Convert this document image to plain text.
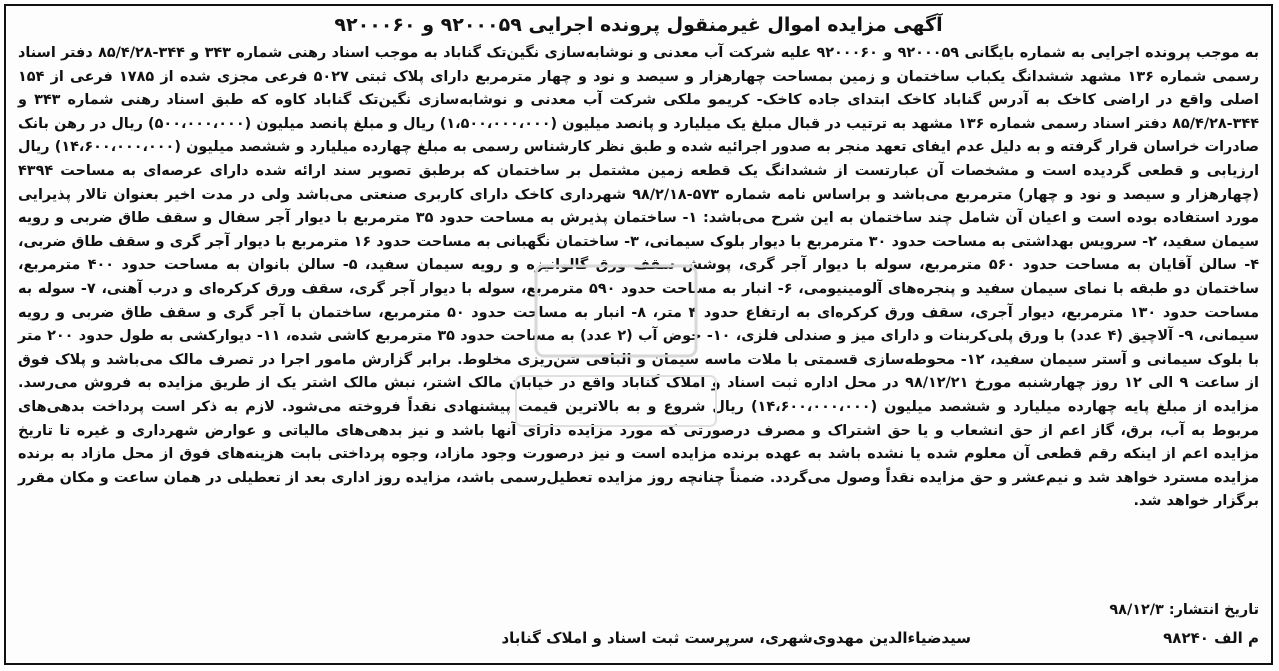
آگهی مزایده اموال غیرمنقول پرونده اجرایی ۹۲۰۰۰۵۹ و ۹۲۰۰۰۶۰
به موجب پرونده اجرایی به شماره بایگانی ۹۲۰۰۰۵۹ و ۹۲۰۰۰۶۰ علیه شرکت آب معدنی و نوشابه‌سازی نگین‌تک گناباد به موجب اسناد رهنی شماره ۳۴۳ و ۳۴۴-۸۵/۴/۲۸ دفتر اسناد رسمی شماره ۱۳۶ مشهد ششدانگ یکباب ساختمان و زمین بمساحت چهارهزار و سیصد و نود و چهار مترمربع دارای پلاک ثبتی ۵۰۲۷ فرعی مجزی شده از ۱۷۸۵ فرعی از ۱۵۴ اصلی واقع در اراضی کاخک به آدرس گناباد کاخک ابتدای جاده کاخک- کریمو ملکی شرکت آب معدنی و نوشابه‌سازی نگین‌تک گناباد کاوه که طبق اسناد رهنی شماره ۳۴۳ و ۳۴۴-۸۵/۴/۲۸ دفتر اسناد رسمی شماره ۱۳۶ مشهد به ترتیب در قبال مبلغ یک میلیارد و پانصد میلیون (۱،۵۰۰،۰۰۰،۰۰۰) ریال و مبلغ پانصد میلیون (۵۰۰،۰۰۰،۰۰۰) ریال در رهن بانک صادرات خراسان قرار گرفته و به دلیل عدم ایفای تعهد منجر به صدور اجرائیه شده و طبق نظر کارشناس رسمی به مبلغ چهارده میلیارد و ششصد میلیون (۱۴،۶۰۰،۰۰۰،۰۰۰) ریال ارزیابی و قطعی گردیده است و مشخصات آن عبارتست از ششدانگ یک قطعه زمین مشتمل بر ساختمان که برطبق تصویر سند ارائه شده دارای عرصه‌ای به مساحت ۴۳۹۴ (چهارهزار و سیصد و نود و چهار) مترمربع می‌باشد و براساس نامه شماره ۵۷۳-۹۸/۲/۱۸ شهرداری کاخک دارای کاربری صنعتی می‌باشد ولی در مدت اخیر بعنوان تالار پذیرایی مورد استفاده بوده است و اعیان آن شامل چند ساختمان به این شرح می‌باشد: ۱- ساختمان پذیرش به مساحت حدود ۳۵ مترمربع با دیوار آجر سفال و سقف طاق ضربی و رویه سیمان سفید، ۲- سرویس بهداشتی به مساحت حدود ۳۰ مترمربع با دیوار بلوک سیمانی، ۳- ساختمان نگهبانی به مساحت حدود ۱۶ مترمربع با دیوار آجر گری و سقف طاق ضربی، ۴- سالن آقایان به مساحت حدود ۵۶۰ مترمربع، سوله با دیوار آجر گری، پوشش سقف ورق گالوانیزه و رویه سیمان سفید، ۵- سالن بانوان به مساحت حدود ۴۰۰ مترمربع، ساختمان دو طبقه با نمای سیمان سفید و پنجره‌های آلومینیومی، ۶- انبار به مساحت حدود ۵۹۰ مترمربع، سوله با دیوار آجر گری، سقف ورق کرکره‌ای و درب آهنی، ۷- سوله به مساحت حدود ۱۳۰ مترمربع، دیوار آجری، سقف ورق کرکره‌ای به ارتفاع حدود ۴ متر، ۸- انبار به مساحت حدود ۵۰ مترمربع، ساختمان با آجر گری و سقف طاق ضربی و رویه سیمانی، ۹- آلاچیق (۴ عدد) با ورق پلی‌کربنات و دارای میز و صندلی فلزی، ۱۰- حوض آب (۲ عدد) به مساحت حدود ۳۵ مترمربع کاشی شده، ۱۱- دیوارکشی به طول حدود ۲۰۰ متر با بلوک سیمانی و آستر سیمان سفید، ۱۲- محوطه‌سازی قسمتی با ملات ماسه سیمان و الباقی شن‌ریزی مخلوط. برابر گزارش مامور اجرا در تصرف مالک می‌باشد و پلاک فوق از ساعت ۹ الی ۱۲ روز چهارشنبه مورخ ۹۸/۱۲/۲۱ در محل اداره ثبت اسناد و املاک گناباد واقع در خیابان مالک اشتر، نبش مالک اشتر یک از طریق مزایده به فروش می‌رسد. مزایده از مبلغ پایه چهارده میلیارد و ششصد میلیون (۱۴،۶۰۰،۰۰۰،۰۰۰) ریال شروع و به بالاترین قیمت پیشنهادی نقداً فروخته می‌شود. لازم به ذکر است پرداخت بدهی‌های مربوط به آب، برق، گاز اعم از حق انشعاب و یا حق اشتراک و مصرف درصورتی که مورد مزایده دارای آنها باشد و نیز بدهی‌های مالیاتی و عوارض شهرداری و غیره تا تاریخ مزایده اعم از اینکه رقم قطعی آن معلوم شده یا نشده باشد به عهده برنده مزایده است و نیز درصورت وجود مازاد، وجوه پرداختی بابت هزینه‌های فوق از محل مازاد به برنده مزایده مسترد خواهد شد و نیم‌عشر و حق مزایده نقداً وصول می‌گردد. ضمناً چنانچه روز مزایده تعطیل‌رسمی باشد، مزایده روز اداری بعد از تعطیلی در همان ساعت و مکان مقرر برگزار خواهد شد.
تاریخ انتشار: ۹۸/۱۲/۳
م الف ۹۸۲۴۰
سیدضیاءالدین مهدوی‌شهری، سرپرست ثبت اسناد و املاک گناباد
